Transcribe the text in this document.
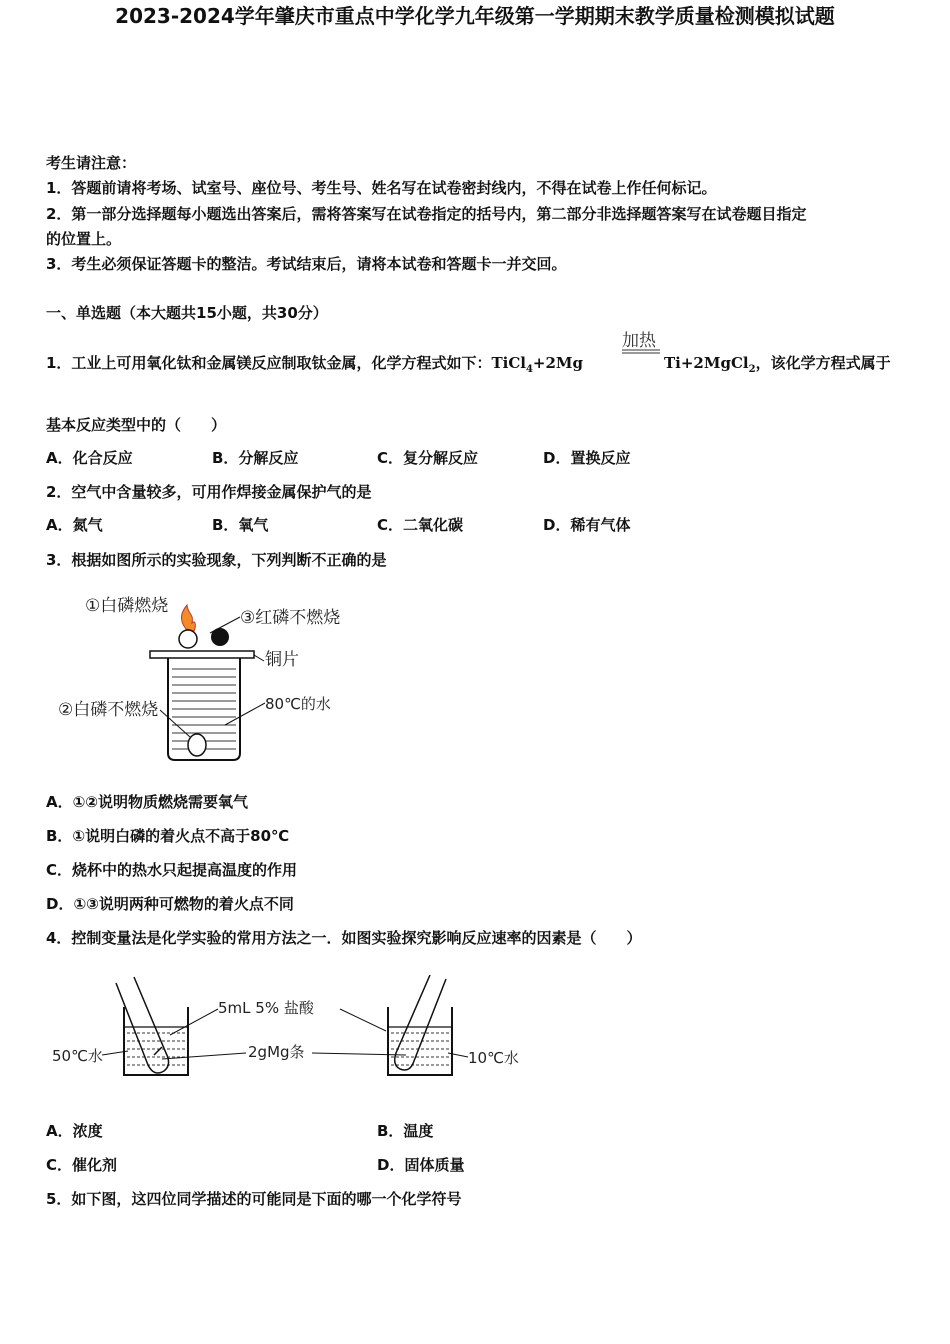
2023-2024学年肇庆市重点中学化学九年级第一学期期末教学质量检测模拟试题
考生请注意：
1．答题前请将考场、试室号、座位号、考生号、姓名写在试卷密封线内，不得在试卷上作任何标记。
2．第一部分选择题每小题选出答案后，需将答案写在试卷指定的括号内，第二部分非选择题答案写在试卷题目指定
的位置上。
3．考生必须保证答题卡的整洁。考试结束后，请将本试卷和答题卡一并交回。
一、单选题（本大题共15小题，共30分）
1．工业上可用氧化钛和金属镁反应制取钛金属，化学方程式如下：TiCl$_4$+2Mg
加热
Ti+2MgCl$_2$，该化学方程式属于
基本反应类型中的（　　）
A．化合反应	B．分解反应	C．复分解反应	D．置换反应
2．空气中含量较多，可用作焊接金属保护气的是
A．氮气	B．氧气	C．二氧化碳	D．稀有气体
3．根据如图所示的实验现象，下列判断不正确的是
①白磷燃烧
③红磷不燃烧
铜片
②白磷不燃烧	80℃的水
A．①②说明物质燃烧需要氧气
B．①说明白磷的着火点不高于80℃
C．烧杯中的热水只起提高温度的作用
D．①③说明两种可燃物的着火点不同
4．控制变量法是化学实验的常用方法之一．如图实验探究影响反应速率的因素是（　　）
5mL 5% 盐酸
2gMg条
50℃水	10℃水
A．浓度	B．温度
C．催化剂	D．固体质量
5．如下图，这四位同学描述的可能同是下面的哪一个化学符号
